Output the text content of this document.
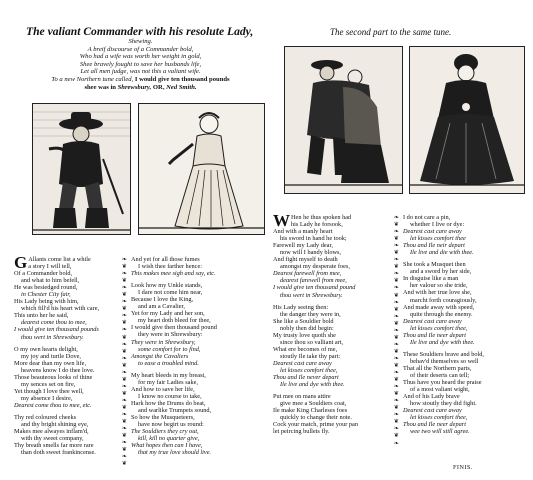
The valiant Commander with his resolute Lady,	The second part to the same tune.
Shewing.
A breif discourse of a Commander bold,
Who had a wife was worth her weight in gold,
Shee bravely fought to save her husbands life,
Let all men judge, was not this a valiant wife.
To a new Northern tune called, I would give ten thousand pounds
shee was in Shrewsbury, OR, Ned Smith.
G Allants come list a while
a story I will tell,
Of a Commander bold,
and what to him befell,
He was besiedged round,
in Chester City fair,
His Lady being with him,
which fill'd his heart with care,
This unto her he said,
dearest come thou to mee,
I would give ten thousand pounds
thou wert in Shrewsbury.
O my own hearts delight,
my joy and turtle Dove,
More dear than my own life,
heavens know I do thee love.
Those beauteous looks of thine
my sences set on fire,
Yet though I love thee well,
my absence I desire,
Dearest come thou to mee, etc.
Thy red coloured cheeks
and thy bright shining eye,
Makes mee alwayes inflam'd,
with thy sweet company,
Thy breath smells far more rare
than doth sweet frankincense.
❧
❦
❧
❦
❧
❦
❧
❦
❧
❦
❧
❦
❧
❦
❧
❦
❧
❦
❧
❦
❧
❦
❧
❦
❧
❦
❧
❦
❧
❦
And yet for all those fumes
I wish thee farther hence:
This makes mee sigh and say, etc.
Look how my Unkle stands,
I dare not come him near,
Because I love the King,
and am a Cavalier,
Yet for my Lady and her son,
my heart doth bleed for thee,
I would give then thousand pound
they were in Shrewsbury:
They were in Shrewsbury,
some comfort for to find,
Amongst the Cavaliers
to ease a troubled mind.
My heart bleeds in my breast,
for my fair Ladies sake,
And how to save her life,
I know no course to take,
Hark how the Drums do beat,
and warlike Trumpets sound,
So how the Musqueteers,
have now begirt us round:
The Souldiers they cry out,
kill, kill no quarter give,
What hopes then can I have,
that my true love should live.
W Hen he thus spoken had
his Lady he forsook,
And with a manly heart
his sword in hand he took;
Farewell my Lady dear,
now will I bandy blows,
And fight myself to death
amongst my desperate foes,
Dearest farewell from mee,
dearest farewell from mee,
I would give ten thousand pound
thou wert in Shrewsbury.
His Lady seeing then:
the danger they were in,
She like a Souldier bold
nobly then did begin:
My trusty love quoth she
since thou so valliant art,
What ere becomes of me,
stoutly Ile take thy part:
Dearest cast care away
let kisses comfort thee,
Thou and Ile never depart
Ile live and dye with thee.
Put mee on mans attire
give mee a Souldiers coat,
Ile make King Charleses foes
quickly to change their note.
Cock your match, prime your pan
let peircing bullets fly.
❧
❦
❧
❦
❧
❦
❧
❦
❧
❦
❧
❦
❧
❦
❧
❦
❧
❦
❧
❦
❧
❦
❧
❦
❧
❦
❧
❦
❧
❦
❧
❦
❧
I do not care a pin,
whether I live or dye:
Dearest cast care away
let kisses comfort thee
Thou and Ile neir depart
Ile live and die with thee.
She took a Musquet then
and a sword by her side,
In disguise like a man
her valour so she tride,
And with her true love she,
marcht forth couragiously,
And made away with speed,
quite through the enemy.
Dearest cast care away
let kisses comfort thee,
Thou and Ile neer depart
Ile live and dye with thee.
These Souldiers brave and bold,
behav'd themselves so well
That all the Northern parts,
of their deserts can tell;
Thus have you heard the praise
of a most valiant wight,
And of his Lady brave
how stoutly they did fight.
Dearest cast care away
let kisses comfort thee,
Thou and Ile neer depart
wee two will still agree.
FINIS.
